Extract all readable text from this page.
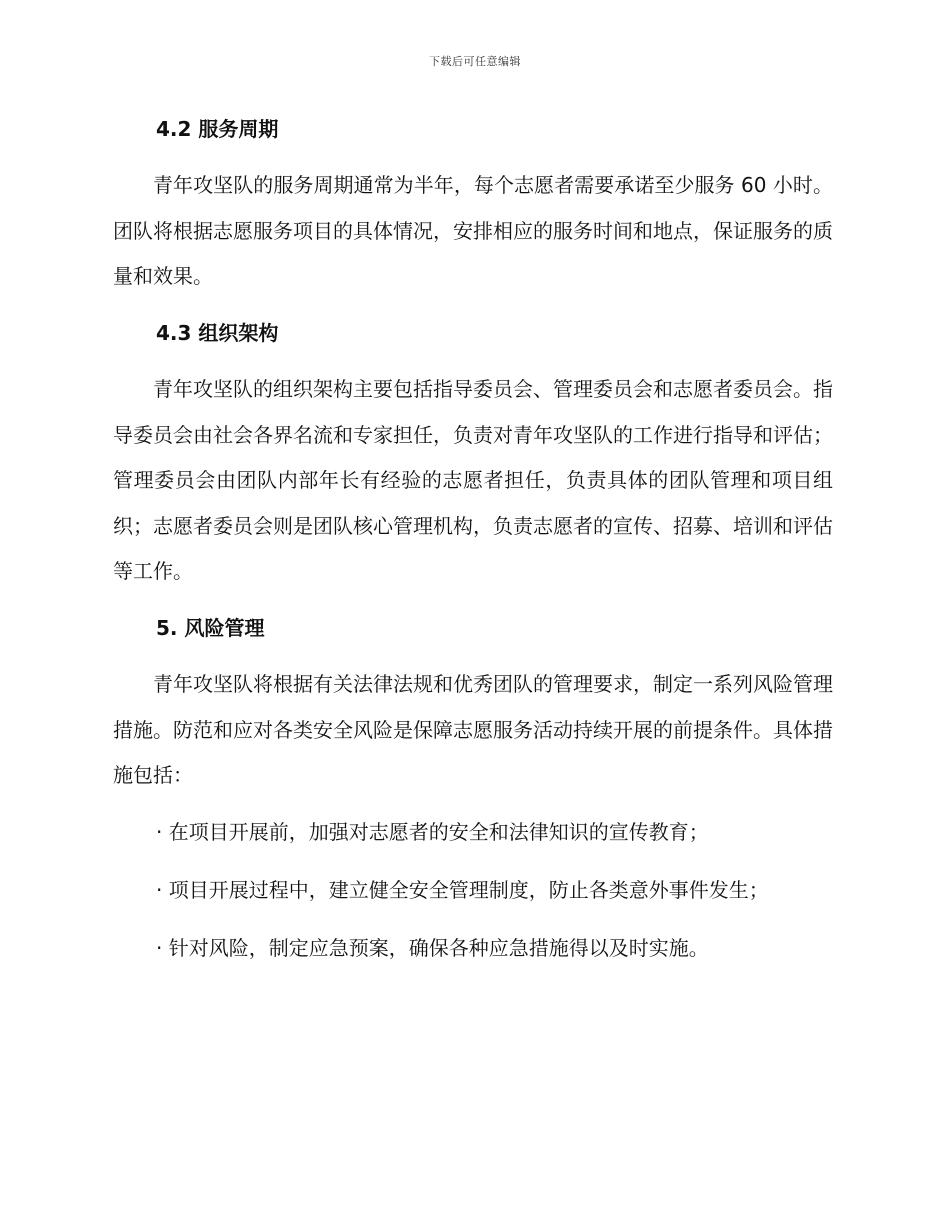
下载后可任意编辑
4.2 服务周期
青年攻坚队的服务周期通常为半年，每个志愿者需要承诺至少服务 60 小时。团队将根据志愿服务项目的具体情况，安排相应的服务时间和地点，保证服务的质量和效果。
4.3 组织架构
青年攻坚队的组织架构主要包括指导委员会、管理委员会和志愿者委员会。指导委员会由社会各界名流和专家担任，负责对青年攻坚队的工作进行指导和评估；管理委员会由团队内部年长有经验的志愿者担任，负责具体的团队管理和项目组织；志愿者委员会则是团队核心管理机构，负责志愿者的宣传、招募、培训和评估等工作。
5. 风险管理
青年攻坚队将根据有关法律法规和优秀团队的管理要求，制定一系列风险管理措施。防范和应对各类安全风险是保障志愿服务活动持续开展的前提条件。具体措施包括：
· 在项目开展前，加强对志愿者的安全和法律知识的宣传教育；
· 项目开展过程中，建立健全安全管理制度，防止各类意外事件发生；
· 针对风险，制定应急预案，确保各种应急措施得以及时实施。
